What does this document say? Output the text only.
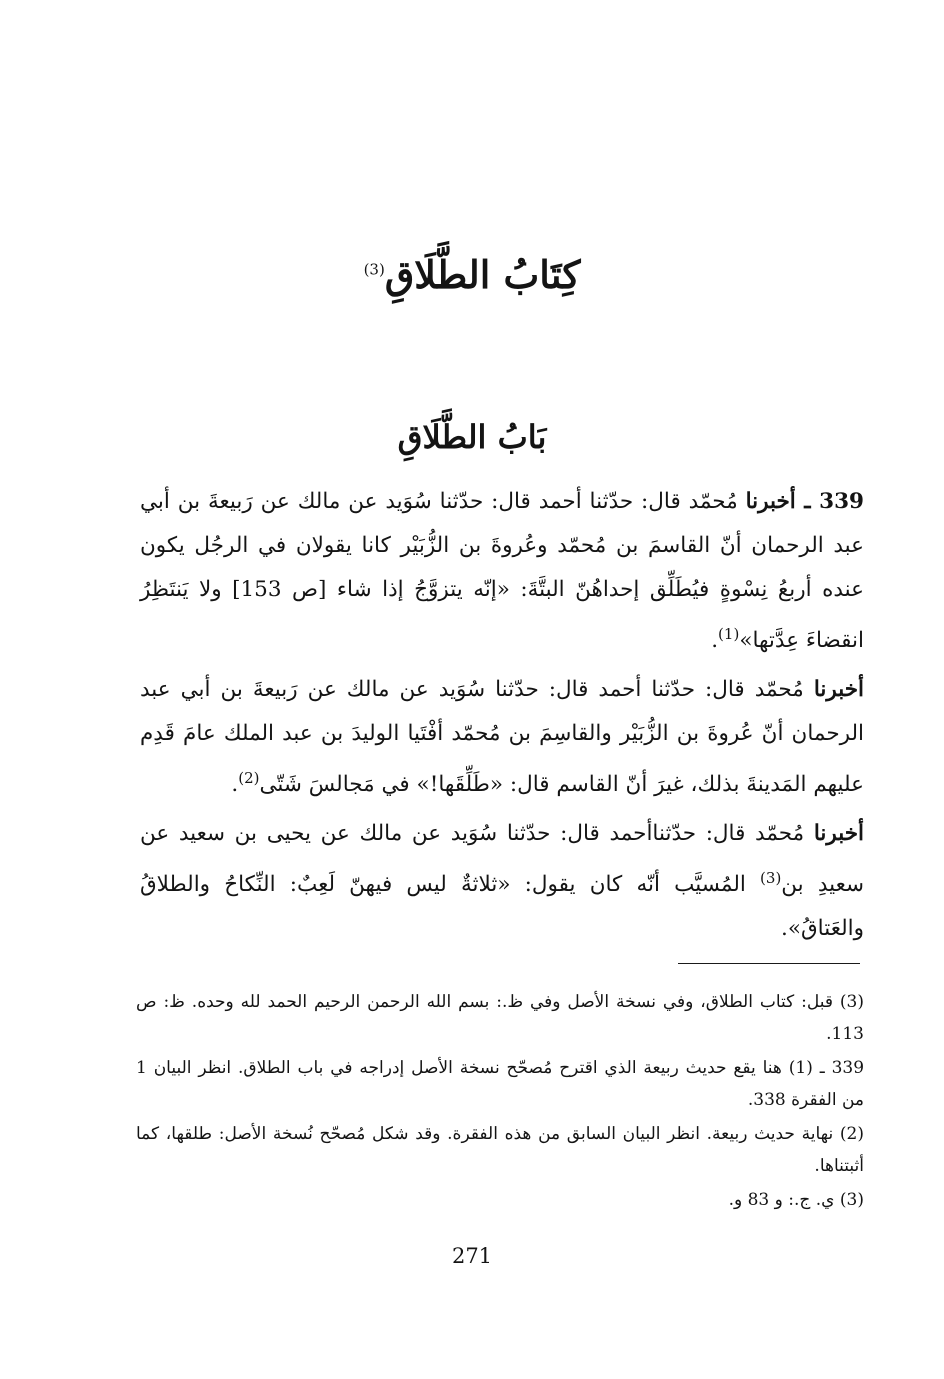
كِتَابُ الطَّلَاقِ$^{(3)}$
بَابُ الطَّلَاقِ
339 ـ أخبرنا مُحمّد قال: حدّثنا أحمد قال: حدّثنا سُوَيد عن مالك عن رَبيعةَ بن أبي عبد الرحمان أنّ القاسمَ بن مُحمّد وعُروةَ بن الزُّبَيْر كانا يقولان في الرجُل يكون عنده أربعُ نِسْوةٍ فيُطَلِّق إحداهُنّ البتَّةَ: «إنّه يتزوَّجُ إذا شاء [ص 153] ولا يَنتَظِرُ انقضاءَ عِدَّتها»$^{(1)}$.
أخبرنا مُحمّد قال: حدّثنا أحمد قال: حدّثنا سُوَيد عن مالك عن رَبيعةَ بن أبي عبد الرحمان أنّ عُروةَ بن الزُّبَيْر والقاسِمَ بن مُحمّد أفْتَيا الوليدَ بن عبد الملك عامَ قَدِم عليهم المَدينةَ بذلك، غيرَ أنّ القاسم قال: «طَلِّقَها!» في مَجالسَ شَتّى$^{(2)}$.
أخبرنا مُحمّد قال: حدّثناأحمد قال: حدّثنا سُوَيد عن مالك عن يحيى بن سعيد عن سعيدِ بن$^{(3)}$ المُسيَّب أنّه كان يقول: «ثلاثةٌ ليس فيهنّ لَعِبٌ: النِّكاحُ والطلاقُ والعَتاقُ».
(3) قبل: كتاب الطلاق، وفي نسخة الأصل وفي ظ.: بسم الله الرحمن الرحيم الحمد لله وحده. ظ: ص 113.
339 ـ (1) هنا يقع حديث ربيعة الذي اقترح مُصحّح نسخة الأصل إدراجه في باب الطلاق. انظر البيان 1 من الفقرة 338.
(2) نهاية حديث ربيعة. انظر البيان السابق من هذه الفقرة. وقد شكل مُصحّح نُسخة الأصل: طلقها، كما أثبتناها.
(3) ي. ج.: و 83 و.
271
